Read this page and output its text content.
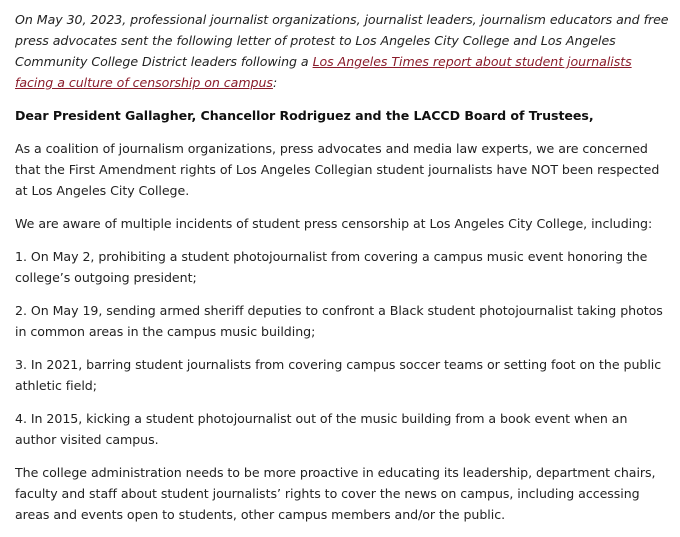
On May 30, 2023, professional journalist organizations, journalist leaders, journalism educators and free press advocates sent the following letter of protest to Los Angeles City College and Los Angeles Community College District leaders following a Los Angeles Times report about student journalists facing a culture of censorship on campus:

Dear President Gallagher, Chancellor Rodriguez and the LACCD Board of Trustees,

As a coalition of journalism organizations, press advocates and media law experts, we are concerned that the First Amendment rights of Los Angeles Collegian student journalists have NOT been respected at Los Angeles City College.

We are aware of multiple incidents of student press censorship at Los Angeles City College, including:

1. On May 2, prohibiting a student photojournalist from covering a campus music event honoring the college’s outgoing president;

2. On May 19, sending armed sheriff deputies to confront a Black student photojournalist taking photos in common areas in the campus music building;

3. In 2021, barring student journalists from covering campus soccer teams or setting foot on the public athletic field;

4. In 2015, kicking a student photojournalist out of the music building from a book event when an author visited campus.

The college administration needs to be more proactive in educating its leadership, department chairs, faculty and staff about student journalists’ rights to cover the news on campus, including accessing areas and events open to students, other campus members and/or the public.
